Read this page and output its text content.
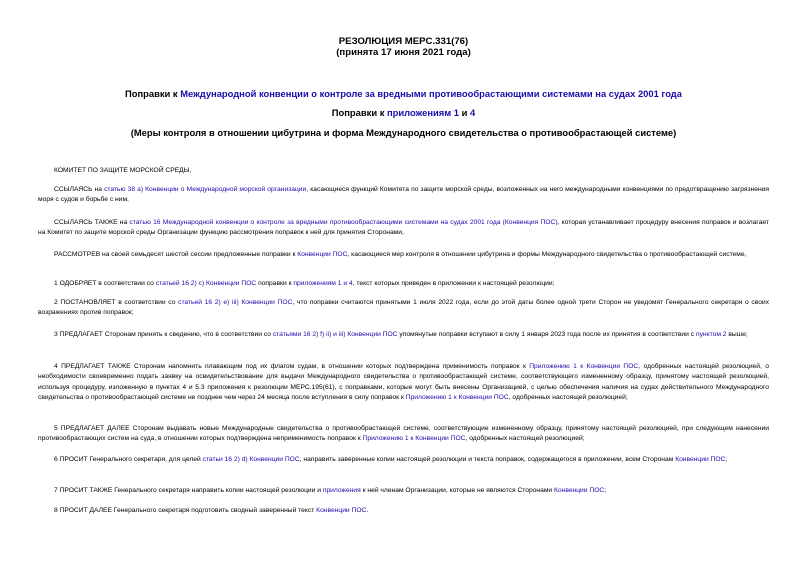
РЕЗОЛЮЦИЯ MEPC.331(76)
(принята 17 июня 2021 года)
Поправки к Международной конвенции о контроле за вредными противообрастающими системами на судах 2001 года
Поправки к приложениям 1 и 4
(Меры контроля в отношении цибутрина и форма Международного свидетельства о противообрастающей системе)

КОМИТЕТ ПО ЗАЩИТЕ МОРСКОЙ СРЕДЫ,

ССЫЛАЯСЬ на статью 38 a) Конвенции о Международной морской организации, касающиеся функций Комитета по защите морской среды, возложенных на него международными конвенциями по предотвращению загрязнения моря с судов и борьбе с ним,

ССЫЛАЯСЬ ТАКЖЕ на статью 16 Международной конвенции о контроле за вредными противообрастающими системами на судах 2001 года (Конвенция ПОС), которая устанавливает процедуру внесения поправок и возлагает на Комитет по защите морской среды Организации функцию рассмотрения поправок к ней для принятия Сторонами,

РАССМОТРЕВ на своей семьдесят шестой сессии предложенные поправки к Конвенции ПОС, касающиеся мер контроля в отношении цибутрина и формы Международного свидетельства о противообрастающей системе,

1 ОДОБРЯЕТ в соответствии со статьей 16 2) c) Конвенции ПОС поправки к приложениям 1 и 4, текст которых приведен в приложении к настоящей резолюции;

2 ПОСТАНОВЛЯЕТ в соответствии со статьей 16 2) e) iii) Конвенции ПОС, что поправки считаются принятыми 1 июля 2022 года, если до этой даты более одной трети Сторон не уведомят Генерального секретаря о своих возражениях против поправок;

3 ПРЕДЛАГАЕТ Сторонам принять к сведению, что в соответствии со статьями 16 2) f) ii) и iii) Конвенции ПОС упомянутые поправки вступают в силу 1 января 2023 года после их принятия в соответствии с пунктом 2 выше;

4 ПРЕДЛАГАЕТ ТАКЖЕ Сторонам напомнить плавающим под их флагом судам, в отношении которых подтверждена применимость поправок к Приложению 1 к Конвенции ПОС, одобренных настоящей резолюцией, о необходимости своевременно подать заявку на освидетельствование для выдачи Международного свидетельства о противообрастающей системе, соответствующего измененному образцу, принятому настоящей резолюцией, используя процедуру, изложенную в пунктах 4 и 5.3 приложения к резолюции MEPC.195(61), с поправками, которые могут быть внесены Организацией, с целью обеспечения наличия на судах действительного Международного свидетельства о противообрастающей системе не позднее чем через 24 месяца после вступления в силу поправок к Приложению 1 к Конвенции ПОС, одобренных настоящей резолюцией;

5 ПРЕДЛАГАЕТ ДАЛЕЕ Сторонам выдавать новые Международные свидетельства о противообрастающей системе, соответствующие измененному образцу, принятому настоящей резолюцией, при следующем нанесении противообрастающих систем на суда, в отношении которых подтверждена неприменимость поправок к Приложению 1 к Конвенции ПОС, одобренных настоящей резолюцией;

6 ПРОСИТ Генерального секретаря, для целей статьи 16 2) d) Конвенции ПОС, направить заверенные копии настоящей резолюции и текста поправок, содержащегося в приложении, всем Сторонам Конвенции ПОС;

7 ПРОСИТ ТАКЖЕ Генерального секретаря направить копии настоящей резолюции и приложения к ней членам Организации, которые не являются Сторонами Конвенции ПОС;

8 ПРОСИТ ДАЛЕЕ Генерального секретаря подготовить сводный заверенный текст Конвенции ПОС.
